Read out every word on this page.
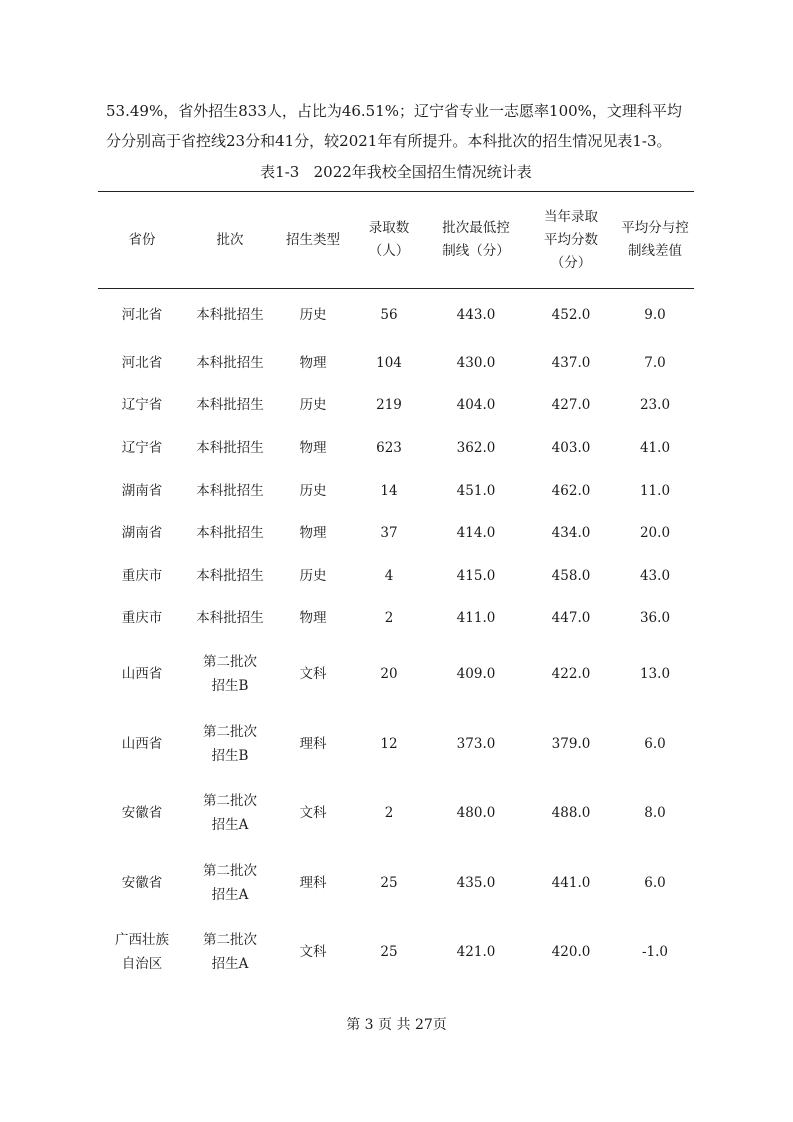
53.49%，省外招生833人，占比为46.51%；辽宁省专业一志愿率100%，文理科平均

分分别高于省控线23分和41分，较2021年有所提升。本科批次的招生情况见表1-3。

表1-3   2022年我校全国招生情况统计表
省份	批次	招生类型	录取数（人）	批次最低控制线（分）	当年录取平均分数（分）	平均分与控制线差值
河北省	本科批招生	历史	56	443.0	452.0	9.0
河北省	本科批招生	物理	104	430.0	437.0	7.0
辽宁省	本科批招生	历史	219	404.0	427.0	23.0
辽宁省	本科批招生	物理	623	362.0	403.0	41.0
湖南省	本科批招生	历史	14	451.0	462.0	11.0
湖南省	本科批招生	物理	37	414.0	434.0	20.0
重庆市	本科批招生	历史	4	415.0	458.0	43.0
重庆市	本科批招生	物理	2	411.0	447.0	36.0
山西省	第二批次招生B	文科	20	409.0	422.0	13.0
山西省	第二批次招生B	理科	12	373.0	379.0	6.0
安徽省	第二批次招生A	文科	2	480.0	488.0	8.0
安徽省	第二批次招生A	理科	25	435.0	441.0	6.0
广西壮族自治区	第二批次招生A	文科	25	421.0	420.0	-1.0
第 3 页 共 27页
